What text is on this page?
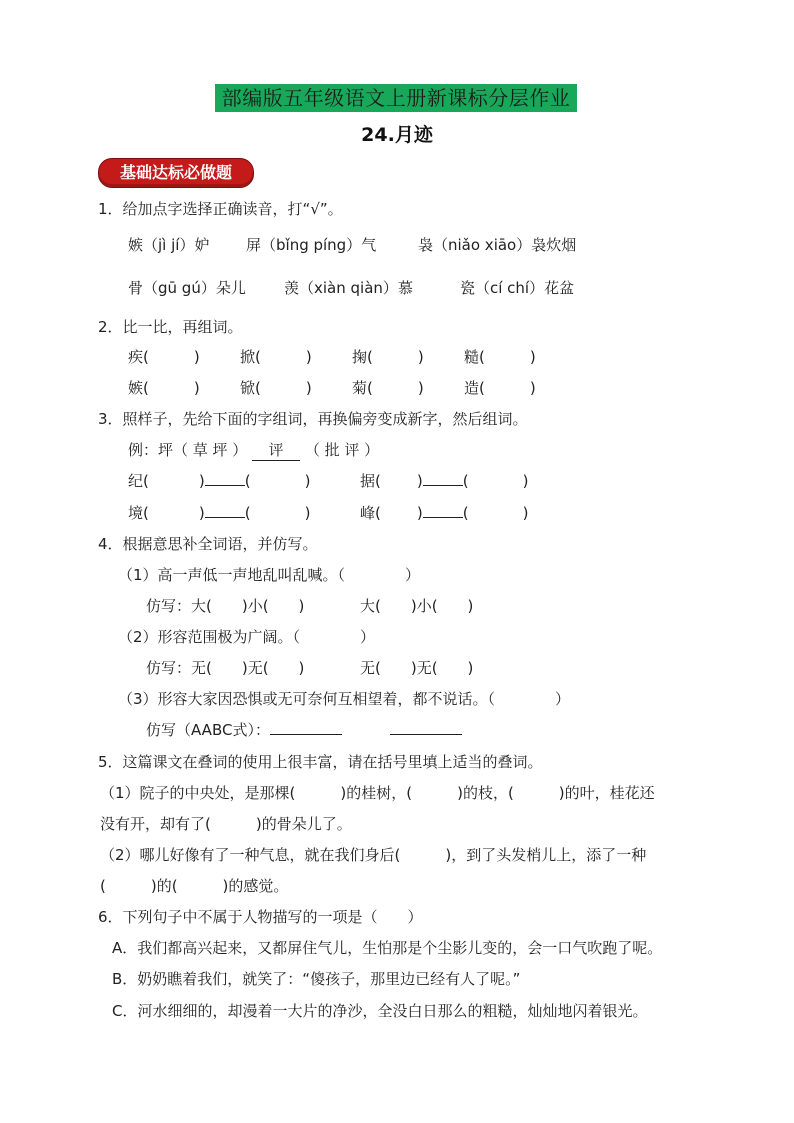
部编版五年级语文上册新课标分层作业
24.月迹
基础达标必做题
1．给加点字选择正确读音，打“√”。
嫉（jì jí）妒 屏（bǐng píng）气	袅（niǎo xiāo）袅炊烟
骨（gū gú）朵儿	羡（xiàn qiàn）慕	瓷（cí chí）花盆
2．比一比，再组词。
疾(　　　)	掀(　　　)	掬(　　　)	糙(　　　)
嫉(　　　)	锨(　　　)	菊(　　　)	造(　　　)
3．照样子，先给下面的字组词，再换偏旁变成新字，然后组词。
例：坪（ 草 坪 ） 评 （ 批 评 ）
纪(	)	(	)	据( )	(	)
境(	)	(	)	峰( )	(	)
4．根据意思补全词语，并仿写。
（1）高一声低一声地乱叫乱喊。（　　　　）
仿写：大(　　)小(　　)	大(　　)小(　　)
（2）形容范围极为广阔。（　　　　）
仿写：无(　　)无(　　)	无(　　)无(　　)
（3）形容大家因恐惧或无可奈何互相望着，都不说话。（　　　　）
仿写（AABC式）：
5．这篇课文在叠词的使用上很丰富，请在括号里填上适当的叠词。
（1）院子的中央处，是那棵(　　　)的桂树，(　　　)的枝，(　　　)的叶，桂花还
没有开，却有了(　　　)的骨朵儿了。
（2）哪儿好像有了一种气息，就在我们身后(　　　)，到了头发梢儿上，添了一种
(　　　)的(　　　)的感觉。
6．下列句子中不属于人物描写的一项是（　　）
A．我们都高兴起来，又都屏住气儿，生怕那是个尘影儿变的，会一口气吹跑了呢。
B．奶奶瞧着我们，就笑了：“傻孩子，那里边已经有人了呢。”
C．河水细细的，却漫着一大片的净沙，全没白日那么的粗糙，灿灿地闪着银光。
